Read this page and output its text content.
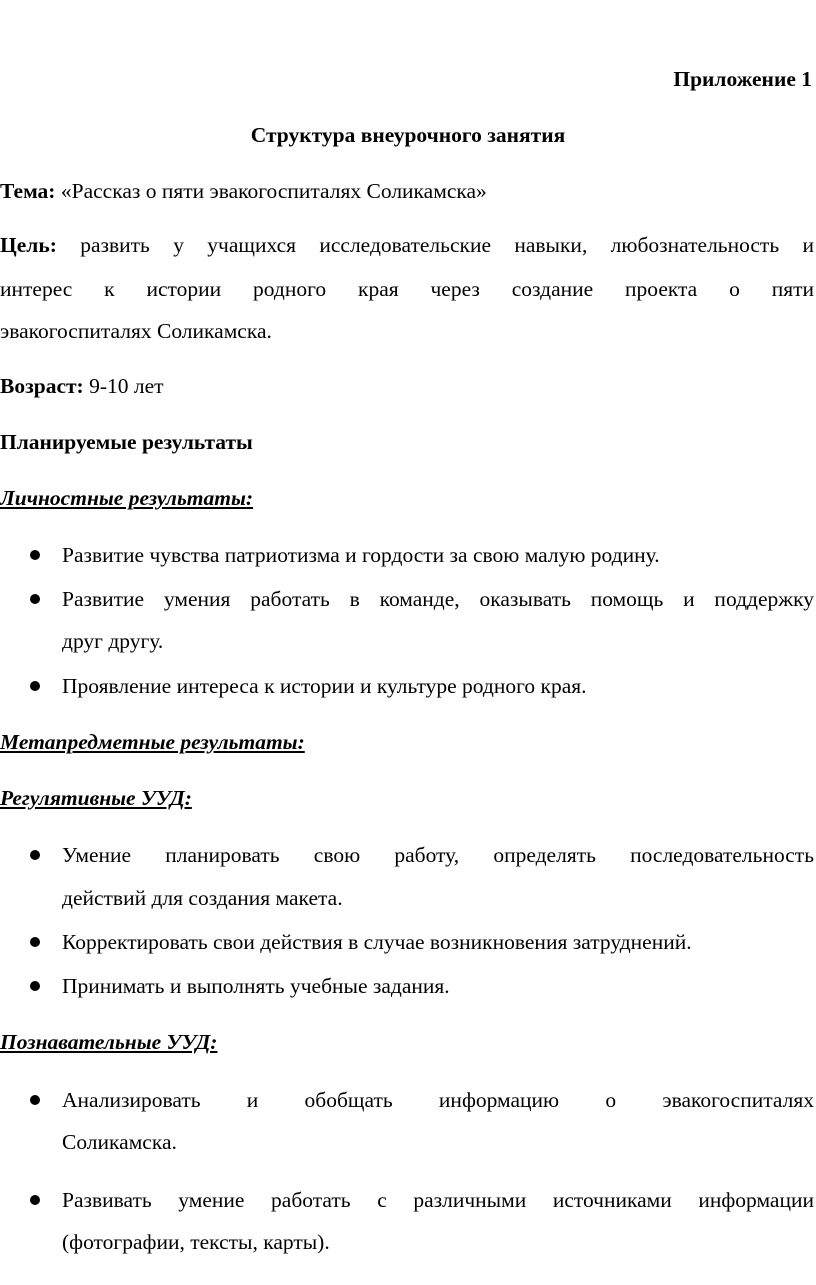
Приложение 1
Структура внеурочного занятия
Тема: «Рассказ о пяти эвакогоспиталях Соликамска»
Цель: развить у учащихся исследовательские навыки, любознательность и
интерес к истории родного края через создание проекта о пяти
эвакогоспиталях Соликамска.
Возраст: 9-10 лет
Планируемые результаты
Личностные результаты:
Развитие чувства патриотизма и гордости за свою малую родину.
Развитие умения работать в команде, оказывать помощь и поддержку
друг другу.
Проявление интереса к истории и культуре родного края.
Метапредметные результаты:
Регулятивные УУД:
Умение планировать свою работу, определять последовательность
действий для создания макета.
Корректировать свои действия в случае возникновения затруднений.
Принимать и выполнять учебные задания.
Познавательные УУД:
Анализировать и обобщать информацию о эвакогоспиталях
Соликамска.
Развивать умение работать с различными источниками информации
(фотографии, тексты, карты).
